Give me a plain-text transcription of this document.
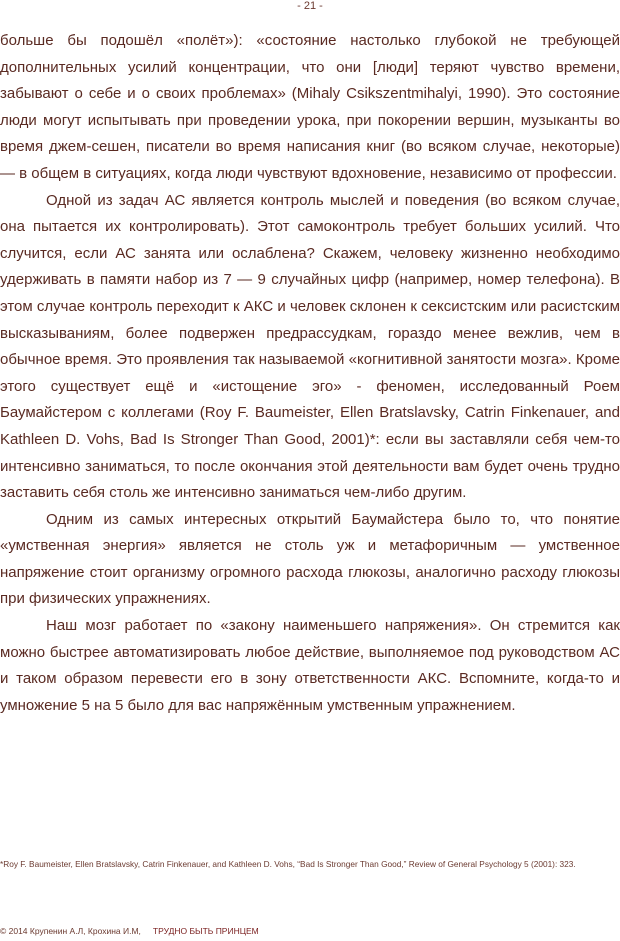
- 21 -

больше бы подошёл «полёт»): «состояние настолько глубокой не требующей дополнительных усилий концентрации, что они [люди] теряют чувство времени, забывают о себе и о своих проблемах» (Mihaly Csikszentmihalyi, 1990). Это состояние люди могут испытывать при проведении урока, при покорении вершин, музыканты во время джем-сешен, писатели во время написания книг (во всяком случае, некоторые) — в общем в ситуациях, когда люди чувствуют вдохновение, независимо от профессии.

Одной из задач АС является контроль мыслей и поведения (во всяком случае, она пытается их контролировать). Этот самоконтроль требует больших усилий. Что случится, если АС занята или ослаблена? Скажем, человеку жизненно необходимо удерживать в памяти набор из 7 — 9 случайных цифр (например, номер телефона). В этом случае контроль переходит к АКС и человек склонен к сексистским или расистским высказываниям, более подвержен предрассудкам, гораздо менее вежлив, чем в обычное время. Это проявления так называемой «когнитивной занятости мозга». Кроме этого существует ещё и «истощение эго» - феномен, исследованный Роем Баумайстером с коллегами (Roy F. Baumeister, Ellen Bratslavsky, Catrin Finkenauer, and Kathleen D. Vohs, Bad Is Stronger Than Good, 2001)*: если вы заставляли себя чем-то интенсивно заниматься, то после окончания этой деятельности вам будет очень трудно заставить себя столь же интенсивно заниматься чем-либо другим.

Одним из самых интересных открытий Баумайстера было то, что понятие «умственная энергия» является не столь уж и метафоричным — умственное напряжение стоит организму огромного расхода глюкозы, аналогично расходу глюкозы при физических упражнениях.

Наш мозг работает по «закону наименьшего напряжения». Он стремится как можно быстрее автоматизировать любое действие, выполняемое под руководством АС и таком образом перевести его в зону ответственности АКС. Вспомните, когда-то и умножение 5 на 5 было для вас напряжённым умственным упражнением.

*Roy F. Baumeister, Ellen Bratslavsky, Catrin Finkenauer, and Kathleen D. Vohs, “Bad Is Stronger Than Good,” Review of General Psychology 5 (2001): 323.
© 2014 Крупенин А.Л, Крохина И.М, ТРУДНО БЫТЬ ПРИНЦЕМ
